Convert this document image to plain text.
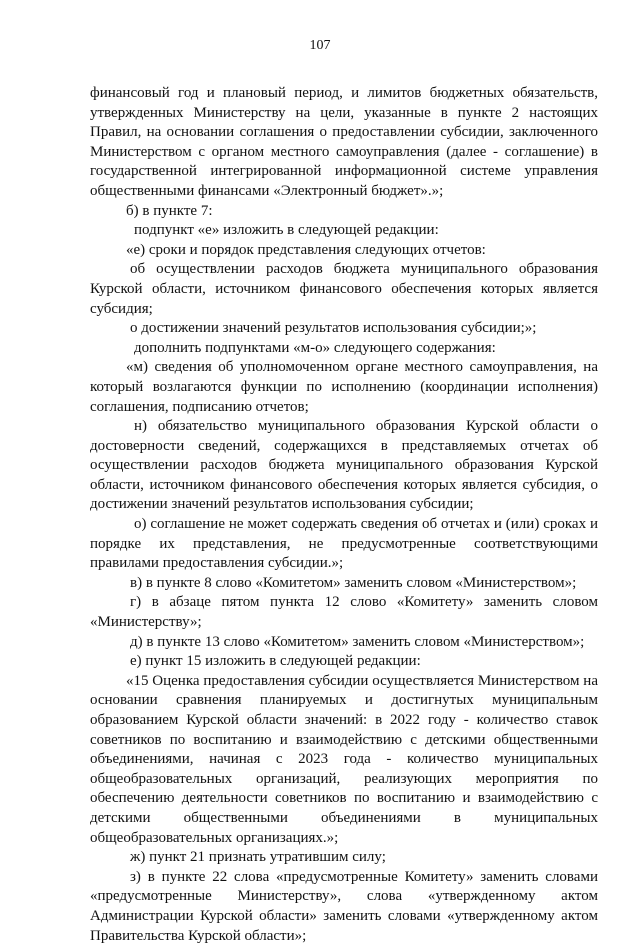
107

финансовый год и плановый период, и лимитов бюджетных обязательств, утвержденных Министерству на цели, указанные в пункте 2 настоящих Правил, на основании соглашения о предоставлении субсидии, заключенного Министерством с органом местного самоуправления (далее - соглашение) в государственной интегрированной информационной системе управления общественными финансами «Электронный бюджет».»;

б) в пункте 7:

подпункт «е» изложить в следующей редакции:

«е) сроки и порядок представления следующих отчетов:

об осуществлении расходов бюджета муниципального образования Курской области, источником финансового обеспечения которых является субсидия;

о достижении значений результатов использования субсидии;»;

дополнить подпунктами «м-о» следующего содержания:

«м) сведения об уполномоченном органе местного самоуправления, на который возлагаются функции по исполнению (координации исполнения) соглашения, подписанию отчетов;

н) обязательство муниципального образования Курской области о достоверности сведений, содержащихся в представляемых отчетах об осуществлении расходов бюджета муниципального образования Курской области, источником финансового обеспечения которых является субсидия, о достижении значений результатов использования субсидии;

о) соглашение не может содержать сведения об отчетах и (или) сроках и порядке их представления, не предусмотренные соответствующими правилами предоставления субсидии.»;

в) в пункте 8 слово «Комитетом» заменить словом «Министерством»;

г) в абзаце пятом пункта 12 слово «Комитету» заменить словом «Министерству»;

д) в пункте 13 слово «Комитетом» заменить словом «Министерством»;

е) пункт 15 изложить в следующей редакции:

«15 Оценка предоставления субсидии осуществляется Министерством на основании сравнения планируемых и достигнутых муниципальным образованием Курской области значений: в 2022 году - количество ставок советников по воспитанию и взаимодействию с детскими общественными объединениями, начиная с 2023 года - количество муниципальных общеобразовательных организаций, реализующих мероприятия по обеспечению деятельности советников по воспитанию и взаимодействию с детскими общественными объединениями в муниципальных общеобразовательных организациях.»;

ж) пункт 21 признать утратившим силу;

з) в пункте 22 слова «предусмотренные Комитету» заменить словами «предусмотренные Министерству», слова «утвержденному актом Администрации Курской области» заменить словами «утвержденному актом Правительства Курской области»;
